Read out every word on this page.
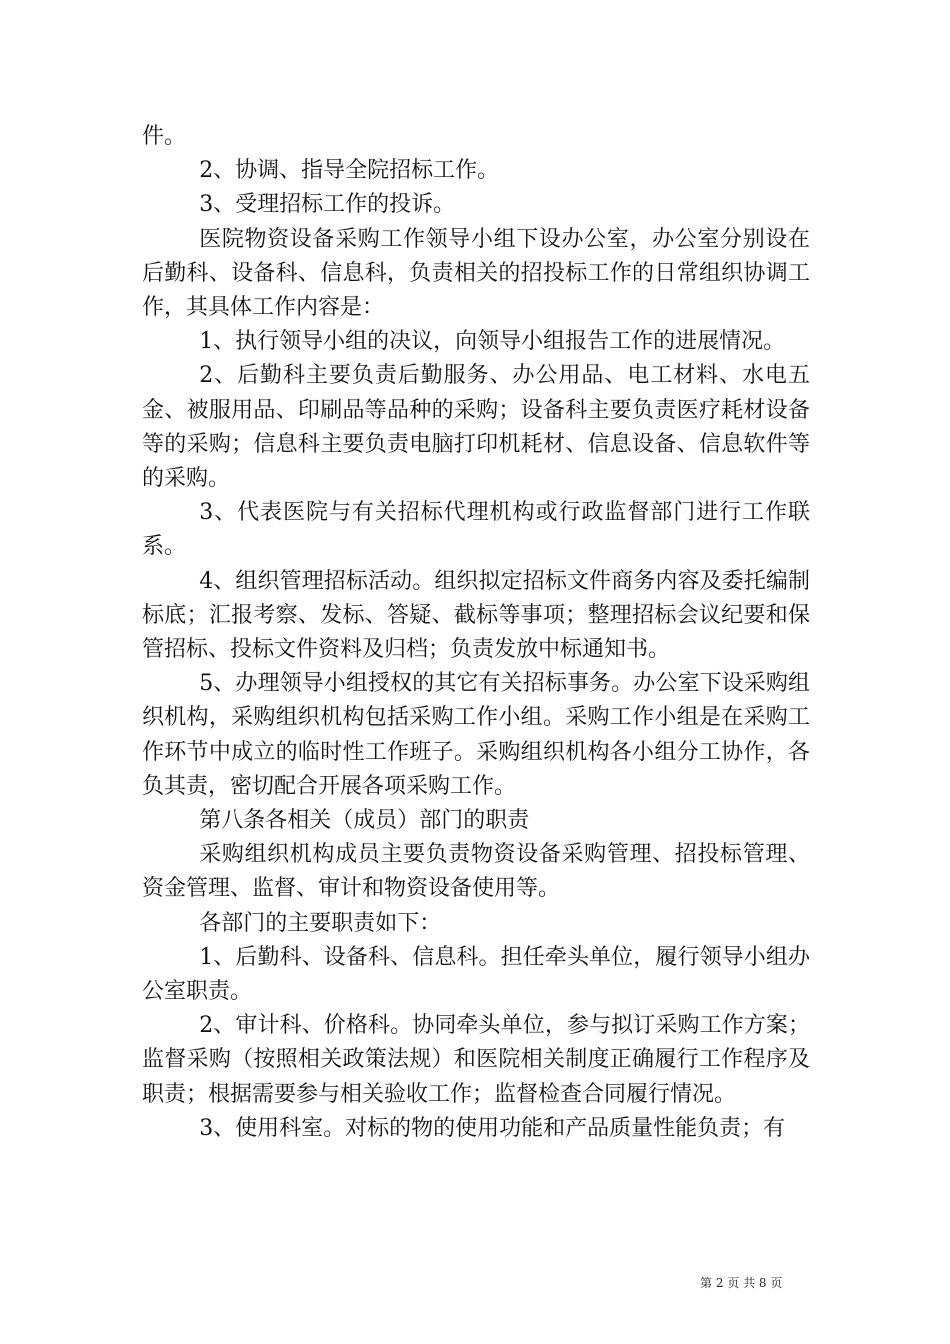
件。

2、协调、指导全院招标工作。

3、受理招标工作的投诉。

医院物资设备采购工作领导小组下设办公室，办公室分别设在后勤科、设备科、信息科，负责相关的招投标工作的日常组织协调工作，其具体工作内容是：

1、执行领导小组的决议，向领导小组报告工作的进展情况。

2、后勤科主要负责后勤服务、办公用品、电工材料、水电五金、被服用品、印刷品等品种的采购；设备科主要负责医疗耗材设备等的采购；信息科主要负责电脑打印机耗材、信息设备、信息软件等的采购。

3、代表医院与有关招标代理机构或行政监督部门进行工作联系。

4、组织管理招标活动。组织拟定招标文件商务内容及委托编制标底；汇报考察、发标、答疑、截标等事项；整理招标会议纪要和保管招标、投标文件资料及归档；负责发放中标通知书。

5、办理领导小组授权的其它有关招标事务。办公室下设采购组织机构，采购组织机构包括采购工作小组。采购工作小组是在采购工作环节中成立的临时性工作班子。采购组织机构各小组分工协作，各负其责，密切配合开展各项采购工作。

第八条各相关（成员）部门的职责

采购组织机构成员主要负责物资设备采购管理、招投标管理、资金管理、监督、审计和物资设备使用等。

各部门的主要职责如下：

1、后勤科、设备科、信息科。担任牵头单位，履行领导小组办公室职责。

2、审计科、价格科。协同牵头单位，参与拟订采购工作方案；监督采购（按照相关政策法规）和医院相关制度正确履行工作程序及职责；根据需要参与相关验收工作；监督检查合同履行情况。

3、使用科室。对标的物的使用功能和产品质量性能负责；有

第 2 页 共 8 页
